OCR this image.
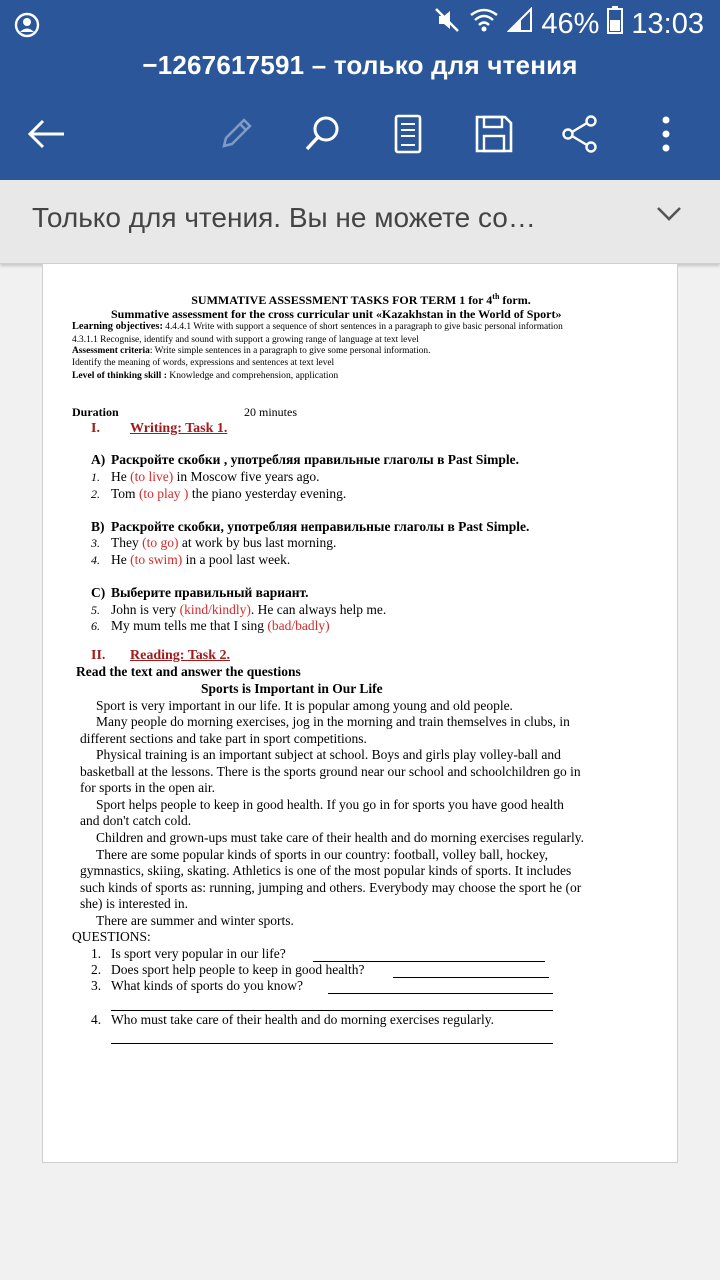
46% 13:03
−1267617591 – только для чтения
Только для чтения. Вы не можете со…
SUMMATIVE ASSESSMENT TASKS FOR TERM 1 for 4th form.
Summative assessment for the cross curricular unit «Kazakhstan in the World of Sport»
Learning objectives: 4.4.4.1 Write with support a sequence of short sentences in a paragraph to give basic personal information
4.3.1.1 Recognise, identify and sound with support a growing range of language at text level
Assessment criteria: Write simple sentences in a paragraph to give some personal information.
Identify the meaning of words, expressions and sentences at text level
Level of thinking skill : Knowledge and comprehension, application
Duration	20 minutes
I. Writing: Task 1.
A) Раскройте скобки , употребляя правильные глаголы в Past Simple.
1. He (to live) in Moscow five years ago.
2. Tom (to play ) the piano yesterday evening.
B) Раскройте скобки, употребляя неправильные глаголы в Past Simple.
3. They (to go) at work by bus last morning.
4. He (to swim) in a pool last week.
C) Выберите правильный вариант.
5. John is very (kind/kindly). He can always help me.
6. My mum tells me that I sing (bad/badly)
II. Reading: Task 2.
Read the text and answer the questions
Sports is Important in Our Life
Sport is very important in our life. It is popular among young and old people.
Many people do morning exercises, jog in the morning and train themselves in clubs, in
different sections and take part in sport competitions.
Physical training is an important subject at school. Boys and girls play volley-ball and
basketball at the lessons. There is the sports ground near our school and schoolchildren go in
for sports in the open air.
Sport helps people to keep in good health. If you go in for sports you have good health
and don't catch cold.
Children and grown-ups must take care of their health and do morning exercises regularly.
There are some popular kinds of sports in our country: football, volley ball, hockey,
gymnastics, skiing, skating. Athletics is one of the most popular kinds of sports. It includes
such kinds of sports as: running, jumping and others. Everybody may choose the sport he (or
she) is interested in.
There are summer and winter sports.
QUESTIONS:
1. Is sport very popular in our life?
2. Does sport help people to keep in good health?
3. What kinds of sports do you know?
4. Who must take care of their health and do morning exercises regularly.
